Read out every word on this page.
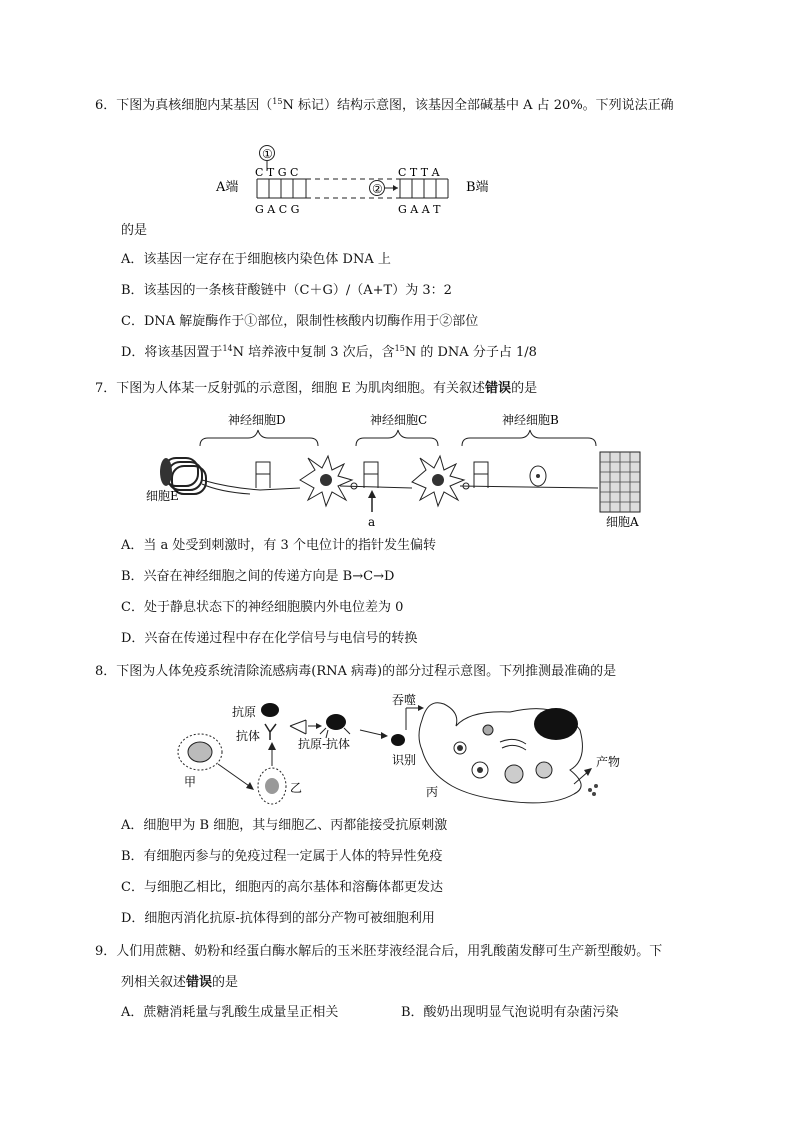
6．下图为真核细胞内某基因（$^{15}$N 标记）结构示意图，该基因全部碱基中 A 占 20%。下列说法正确
A端	B端
①
C T G C	C T T A
②
G A C G	G A A T
的是
A．该基因一定存在于细胞核内染色体 DNA 上
B．该基因的一条核苷酸链中（C＋G）/（A+T）为 3：2
C．DNA 解旋酶作于①部位，限制性核酸内切酶作用于②部位
D．将该基因置于$^{14}$N 培养液中复制 3 次后，含$^{15}$N 的 DNA 分子占 1/8
7．下图为人体某一反射弧的示意图，细胞 E 为肌肉细胞。有关叙述错误的是
神经细胞D	神经细胞C	神经细胞B
细胞E
a	细胞A
A．当 a 处受到刺激时，有 3 个电位计的指针发生偏转
B．兴奋在神经细胞之间的传递方向是 B→C→D
C．处于静息状态下的神经细胞膜内外电位差为 0
D．兴奋在传递过程中存在化学信号与电信号的转换
8．下图为人体免疫系统清除流感病毒(RNA 病毒)的部分过程示意图。下列推测最准确的是
甲	乙
抗原
抗体
抗原-抗体
吞噬
识别
丙
产物
A．细胞甲为 B 细胞，其与细胞乙、丙都能接受抗原刺激
B．有细胞丙参与的免疫过程一定属于人体的特异性免疫
C．与细胞乙相比，细胞丙的高尔基体和溶酶体都更发达
D．细胞丙消化抗原-抗体得到的部分产物可被细胞利用
9．人们用蔗糖、奶粉和经蛋白酶水解后的玉米胚芽液经混合后，用乳酸菌发酵可生产新型酸奶。下
列相关叙述错误的是
A．蔗糖消耗量与乳酸生成量呈正相关	B．酸奶出现明显气泡说明有杂菌污染
